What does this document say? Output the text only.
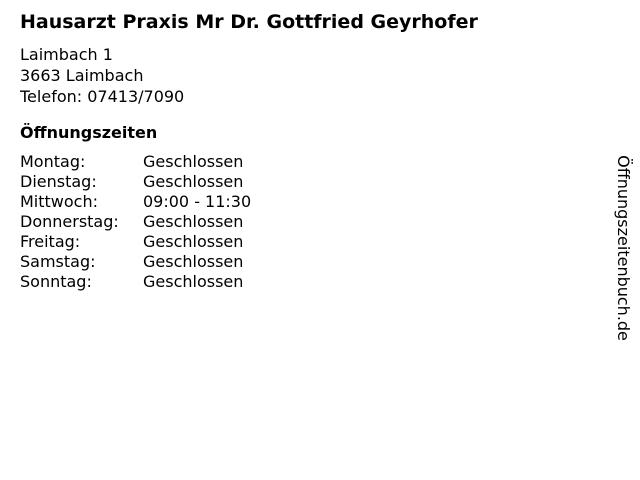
Hausarzt Praxis Mr Dr. Gottfried Geyrhofer
Laimbach 1
3663 Laimbach
Telefon: 07413/7090
Öffnungszeiten
Montag:	Geschlossen
Dienstag:	Geschlossen
Mittwoch:	09:00 - 11:30
Donnerstag:	Geschlossen
Freitag:	Geschlossen
Samstag:	Geschlossen
Sonntag:	Geschlossen	Öffnungszeitenbuch.de
